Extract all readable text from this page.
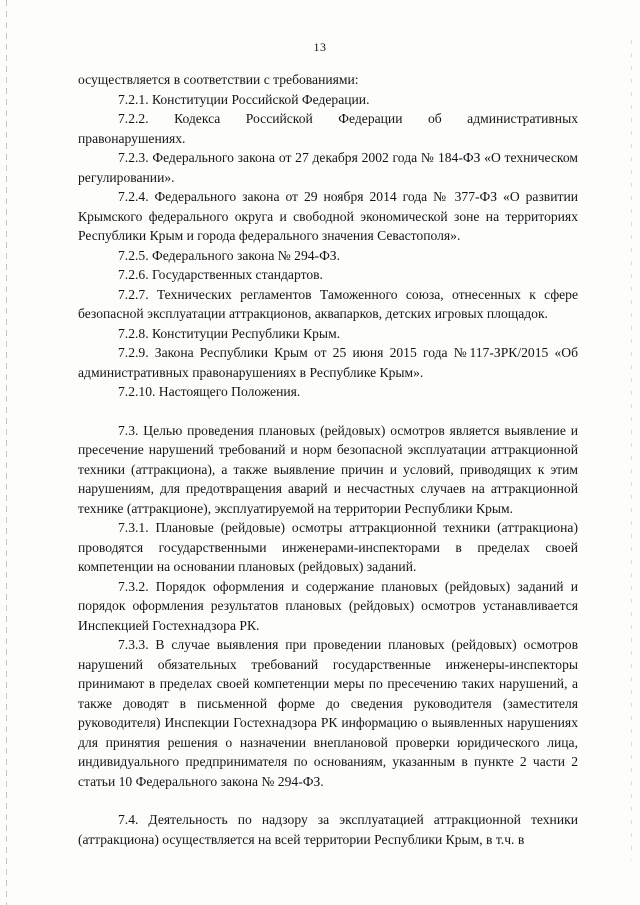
13

осуществляется в соответствии с требованиями:

7.2.1. Конституции Российской Федерации.

7.2.2. Кодекса Российской Федерации об административных правонарушениях.

7.2.3. Федерального закона от 27 декабря 2002 года № 184-ФЗ «О техническом регулировании».

7.2.4. Федерального закона от 29 ноября 2014 года № 377-ФЗ «О развитии Крымского федерального округа и свободной экономической зоне на территориях Республики Крым и города федерального значения Севастополя».

7.2.5. Федерального закона № 294-ФЗ.

7.2.6. Государственных стандартов.

7.2.7. Технических регламентов Таможенного союза, отнесенных к сфере безопасной эксплуатации аттракционов, аквапарков, детских игровых площадок.

7.2.8. Конституции Республики Крым.

7.2.9. Закона Республики Крым от 25 июня 2015 года №117-ЗРК/2015 «Об административных правонарушениях в Республике Крым».

7.2.10. Настоящего Положения.

7.3. Целью проведения плановых (рейдовых) осмотров является выявление и пресечение нарушений требований и норм безопасной эксплуатации аттракционной техники (аттракциона), а также выявление причин и условий, приводящих к этим нарушениям, для предотвращения аварий и несчастных случаев на аттракционной технике (аттракционе), эксплуатируемой на территории Республики Крым.

7.3.1. Плановые (рейдовые) осмотры аттракционной техники (аттракциона) проводятся государственными инженерами-инспекторами в пределах своей компетенции на основании плановых (рейдовых) заданий.

7.3.2. Порядок оформления и содержание плановых (рейдовых) заданий и порядок оформления результатов плановых (рейдовых) осмотров устанавливается Инспекцией Гостехнадзора РК.

7.3.3. В случае выявления при проведении плановых (рейдовых) осмотров нарушений обязательных требований государственные инженеры-инспекторы принимают в пределах своей компетенции меры по пресечению таких нарушений, а также доводят в письменной форме до сведения руководителя (заместителя руководителя) Инспекции Гостехнадзора РК информацию о выявленных нарушениях для принятия решения о назначении внеплановой проверки юридического лица, индивидуального предпринимателя по основаниям, указанным в пункте 2 части 2 статьи 10 Федерального закона № 294-ФЗ.

7.4. Деятельность по надзору за эксплуатацией аттракционной техники (аттракциона) осуществляется на всей территории Республики Крым, в т.ч. в
